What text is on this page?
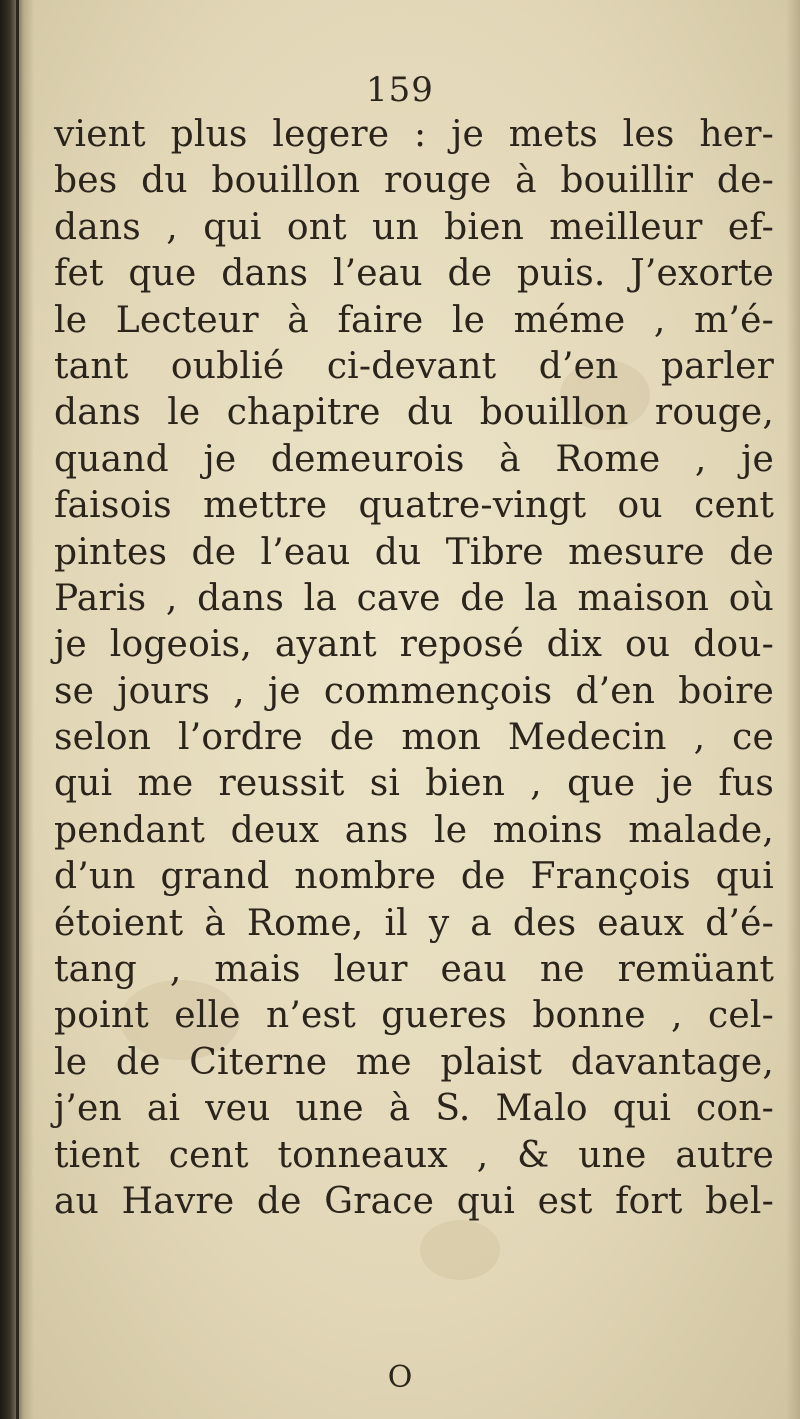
159
vient plus legere : je mets les her-
bes du bouillon rouge à bouillir de-
dans , qui ont un bien meilleur ef-
fet que dans l’eau de puis. J’exorte
le Lecteur à faire le méme , m’é-
tant oublié ci-devant d’en parler
dans le chapitre du bouillon rouge,
quand je demeurois à Rome , je
faisois mettre quatre-vingt ou cent
pintes de l’eau du Tibre mesure de
Paris , dans la cave de la maison où
je logeois, ayant reposé dix ou dou-
se jours , je commençois d’en boire
selon l’ordre de mon Medecin , ce
qui me reussit si bien , que je fus
pendant deux ans le moins malade,
d’un grand nombre de François qui
étoient à Rome, il y a des eaux d’é-
tang , mais leur eau ne remüant
point elle n’est gueres bonne , cel-
le de Citerne me plaist davantage,
j’en ai veu une à S. Malo qui con-
tient cent tonneaux , & une autre
au Havre de Grace qui est fort bel-
O
